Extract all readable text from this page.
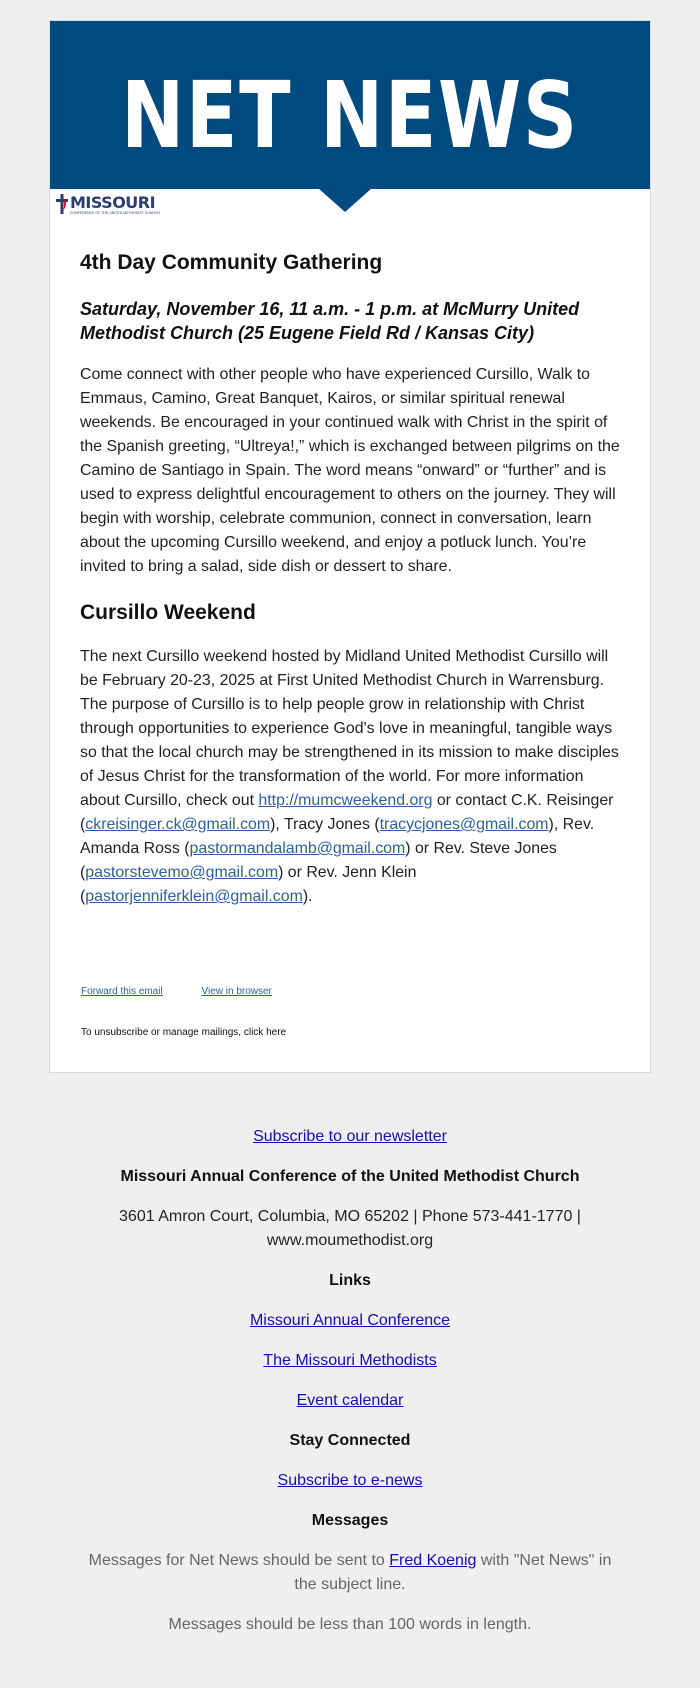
NET NEWS
MISSOURI
CONFERENCE OF THE UNITED METHODIST CHURCH
4th Day Community Gathering

Saturday, November 16, 11 a.m. - 1 p.m. at McMurry United Methodist Church (25 Eugene Field Rd / Kansas City)

Come connect with other people who have experienced Cursillo, Walk to Emmaus, Camino, Great Banquet, Kairos, or similar spiritual renewal weekends. Be encouraged in your continued walk with Christ in the spirit of the Spanish greeting, “Ultreya!,” which is exchanged between pilgrims on the Camino de Santiago in Spain. The word means “onward” or “further” and is used to express delightful encouragement to others on the journey. They will begin with worship, celebrate communion, connect in conversation, learn about the upcoming Cursillo weekend, and enjoy a potluck lunch. You’re invited to bring a salad, side dish or dessert to share.

Cursillo Weekend

The next Cursillo weekend hosted by Midland United Methodist Cursillo will be February 20-23, 2025 at First United Methodist Church in Warrensburg. The purpose of Cursillo is to help people grow in relationship with Christ through opportunities to experience God's love in meaningful, tangible ways so that the local church may be strengthened in its mission to make disciples of Jesus Christ for the transformation of the world. For more information about Cursillo, check out http://mumcweekend.org or contact C.K. Reisinger (ckreisinger.ck@gmail.com), Tracy Jones (tracycjones@gmail.com), Rev. Amanda Ross (pastormandalamb@gmail.com) or Rev. Steve Jones (pastorstevemo@gmail.com) or Rev. Jenn Klein (pastorjenniferklein@gmail.com).

Forward this email	View in browser
To unsubscribe or manage mailings, click here

Subscribe to our newsletter

Missouri Annual Conference of the United Methodist Church

3601 Amron Court, Columbia, MO 65202 | Phone 573-441-1770 |
www.moumethodist.org

Links

Missouri Annual Conference

The Missouri Methodists

Event calendar

Stay Connected

Subscribe to e-news

Messages

Messages for Net News should be sent to Fred Koenig with "Net News" in the subject line.

Messages should be less than 100 words in length.
